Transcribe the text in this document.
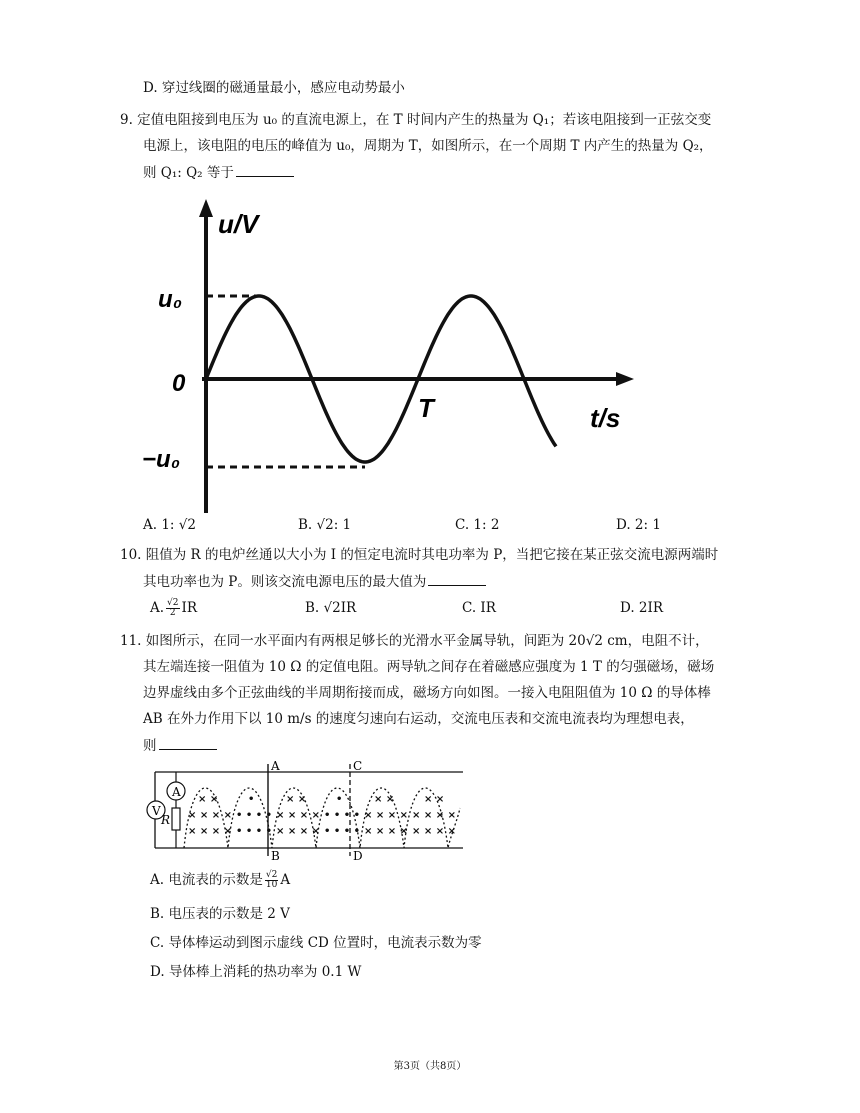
D. 穿过线圈的磁通量最小，感应电动势最小
9. 定值电阻接到电压为 u₀ 的直流电源上，在 T 时间内产生的热量为 Q₁；若该电阻接到一正弦交变
电源上，该电阻的电压的峰值为 u₀，周期为 T，如图所示，在一个周期 T 内产生的热量为 Q₂，
则 Q₁: Q₂ 等于
u/V
t/s
u₀
−u₀
0
T
A. 1: √2	B. √2: 1	C. 1: 2	D. 2: 1
10. 阻值为 R 的电炉丝通以大小为 I 的恒定电流时其电功率为 P，当把它接在某正弦交流电源两端时
其电功率也为 P。则该交流电源电压的最大值为
A. $\frac{√2}{2}$ IR	B. √2IR	C. IR	D. 2IR
11. 如图所示，在同一水平面内有两根足够长的光滑水平金属导轨，间距为 20√2 cm，电阻不计，
其左端连接一阻值为 10 Ω 的定值电阻。两导轨之间存在着磁感应强度为 1 T 的匀强磁场，磁场
边界虚线由多个正弦曲线的半周期衔接而成，磁场方向如图。一接入电阻阻值为 10 Ω 的导体棒
AB 在外力作用下以 10 m/s 的速度匀速向右运动，交流电压表和交流电流表均为理想电表，
则
V
A
R
A
B
C
D
× ×
× × × ×
× × × ×
•
• • • •
• • • •
× ×
× × × ×
× × × ×
•
• • • •
• • • •
× ×
× × × ×
× × × ×
× ×
× × × ×
× × × ×
A. 电流表的示数是 $\frac{√2}{10}$ A
B. 电压表的示数是 2 V
C. 导体棒运动到图示虚线 CD 位置时，电流表示数为零
D. 导体棒上消耗的热功率为 0.1 W
第3页（共8页）
